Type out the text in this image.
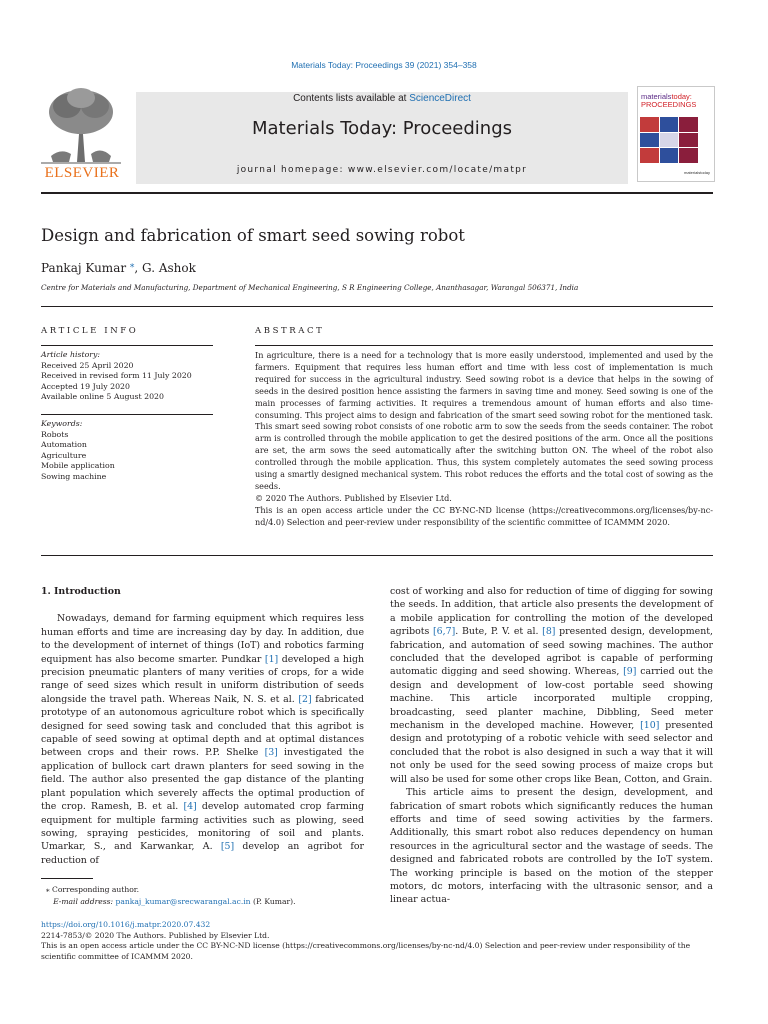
Materials Today: Proceedings 39 (2021) 354–358
ELSEVIER
Contents lists available at ScienceDirect
Materials Today: Proceedings
journal homepage: www.elsevier.com/locate/matpr
materialstoday:
PROCEEDINGS
materialstoday
Design and fabrication of smart seed sowing robot
Pankaj Kumar ⁎, G. Ashok
Centre for Materials and Manufacturing, Department of Mechanical Engineering, S R Engineering College, Ananthasagar, Warangal 506371, India
ARTICLE INFO
Article history:
Received 25 April 2020
Received in revised form 11 July 2020
Accepted 19 July 2020
Available online 5 August 2020
Keywords:
Robots
Automation
Agriculture
Mobile application
Sowing machine
ABSTRACT

In agriculture, there is a need for a technology that is more easily understood, implemented and used by the farmers. Equipment that requires less human effort and time with less cost of implementation is much required for success in the agricultural industry. Seed sowing robot is a device that helps in the sowing of seeds in the desired position hence assisting the farmers in saving time and money. Seed sowing is one of the main processes of farming activities. It requires a tremendous amount of human efforts and also time-consuming. This project aims to design and fabrication of the smart seed sowing robot for the mentioned task. This smart seed sowing robot consists of one robotic arm to sow the seeds from the seeds container. The robot arm is controlled through the mobile application to get the desired positions of the arm. Once all the positions are set, the arm sows the seed automatically after the switching button ON. The wheel of the robot also controlled through the mobile application. Thus, this system completely automates the seed sowing process using a smartly designed mechanical system. This robot reduces the efforts and the total cost of sowing as the seeds.

© 2020 The Authors. Published by Elsevier Ltd.

This is an open access article under the CC BY-NC-ND license (https://creativecommons.org/licenses/by-nc-nd/4.0) Selection and peer-review under responsibility of the scientific committee of ICAMMM 2020.

1. Introduction

Nowadays, demand for farming equipment which requires less human efforts and time are increasing day by day. In addition, due to the development of internet of things (IoT) and robotics farming equipment has also become smarter. Pundkar [1] developed a high precision pneumatic planters of many verities of crops, for a wide range of seed sizes which result in uniform distribution of seeds alongside the travel path. Whereas Naik, N. S. et al. [2] fabricated prototype of an autonomous agriculture robot which is specifically designed for seed sowing task and concluded that this agribot is capable of seed sowing at optimal depth and at optimal distances between crops and their rows. P.P. Shelke [3] investigated the application of bullock cart drawn planters for seed sowing in the field. The author also presented the gap distance of the planting plant population which severely affects the optimal production of the crop. Ramesh, B. et al. [4] develop automated crop farming equipment for multiple farming activities such as plowing, seed sowing, spraying pesticides, monitoring of soil and plants. Umarkar, S., and Karwankar, A. [5] develop an agribot for reduction of

cost of working and also for reduction of time of digging for sowing the seeds. In addition, that article also presents the development of a mobile application for controlling the motion of the developed agribots [6,7]. Bute, P. V. et al. [8] presented design, development, fabrication, and automation of seed sowing machines. The author concluded that the developed agribot is capable of performing automatic digging and seed showing. Whereas, [9] carried out the design and development of low-cost portable seed showing machine. This article incorporated multiple cropping, broadcasting, seed planter machine, Dibbling, Seed meter mechanism in the developed machine. However, [10] presented design and prototyping of a robotic vehicle with seed selector and concluded that the robot is also designed in such a way that it will not only be used for the seed sowing process of maize crops but will also be used for some other crops like Bean, Cotton, and Grain.

This article aims to present the design, development, and fabrication of smart robots which significantly reduces the human efforts and time of seed sowing activities by the farmers. Additionally, this smart robot also reduces dependency on human resources in the agricultural sector and the wastage of seeds. The designed and fabricated robots are controlled by the IoT system. The working principle is based on the motion of the stepper motors, dc motors, interfacing with the ultrasonic sensor, and a linear actua-

⁎ Corresponding author.
E-mail address: pankaj_kumar@srecwarangal.ac.in (P. Kumar).
https://doi.org/10.1016/j.matpr.2020.07.432
2214-7853/© 2020 The Authors. Published by Elsevier Ltd.
This is an open access article under the CC BY-NC-ND license (https://creativecommons.org/licenses/by-nc-nd/4.0) Selection and peer-review under responsibility of the scientific committee of ICAMMM 2020.
